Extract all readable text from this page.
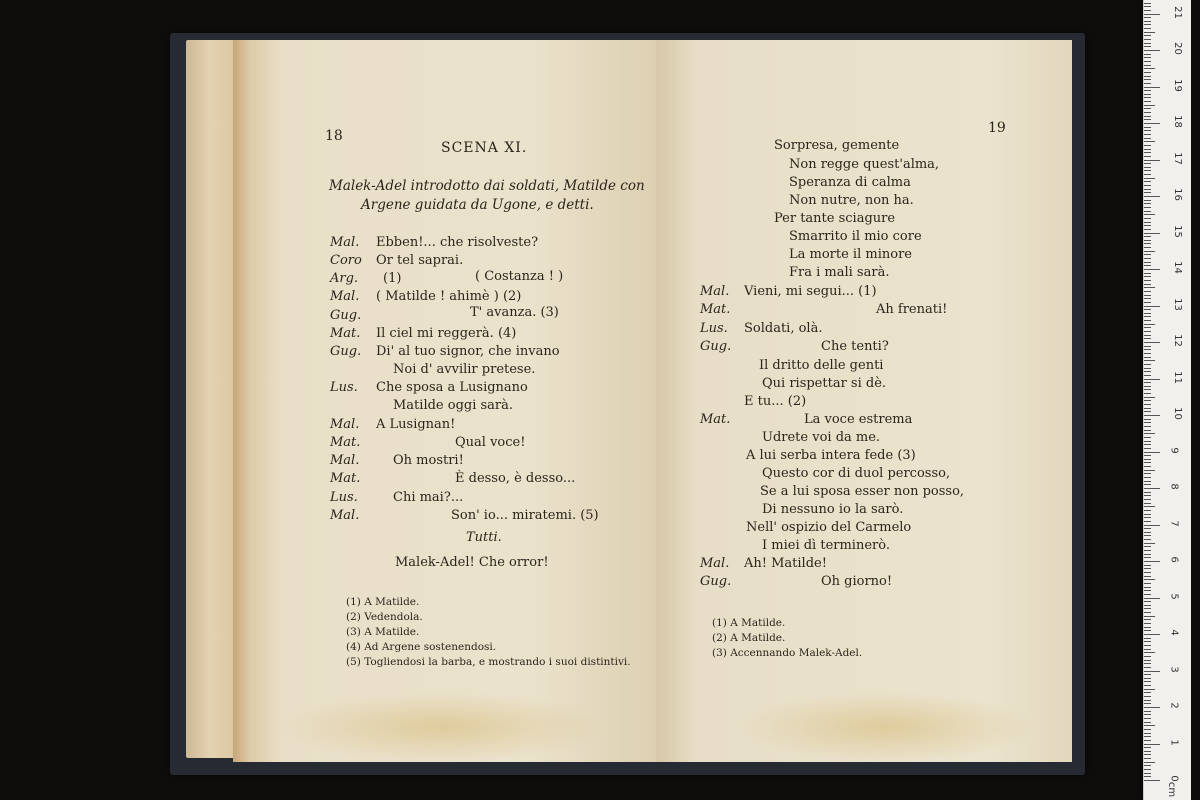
18
SCENA XI.
Malek-Adel introdotto dai soldati, Matilde con
Argene guidata da Ugone, e detti.
Mal. Ebben!... che risolveste?
Coro Or tel saprai.
Arg. (1)	( Costanza ! )
Mal. ( Matilde ! ahimè ) (2)
Gug.	T' avanza. (3)
Mat. Il ciel mi reggerà. (4)
Gug. Di' al tuo signor, che invano
Noi d' avvilir pretese.
Lus. Che sposa a Lusignano
Matilde oggi sarà.
Mal. A Lusignan!
Mat.	Qual voce!
Mal.	Oh mostri!
Mat.	È desso, è desso...
Lus.	Chi mai?...
Mal.	Son' io... miratemi. (5)
Tutti.
Malek-Adel! Che orror!
(1) A Matilde.
(2) Vedendola.
(3) A Matilde.
(4) Ad Argene sostenendosi.
(5) Togliendosi la barba, e mostrando i suoi distintivi.
19
Sorpresa, gemente
Non regge quest'alma,
Speranza di calma
Non nutre, non ha.
Per tante sciagure
Smarrito il mio core
La morte il minore
Fra i mali sarà.
Mal. Vieni, mi segui... (1)
Mat.	Ah frenati!
Lus. Soldati, olà.
Gug.	Che tenti?
Il dritto delle genti
Qui rispettar si dè.
E tu... (2)
Mat.	La voce estrema
Udrete voi da me.
A lui serba intera fede (3)
Questo cor di duol percosso,
Se a lui sposa esser non posso,
Di nessuno io la sarò.
Nell' ospizio del Carmelo
I miei dì terminerò.
Mal. Ah! Matilde!
Gug.	Oh giorno!
(1) A Matilde.
(2) A Matilde.
(3) Accennando Malek-Adel.
0
1
2
3
4
5
6
7
8
9
10
11
12
13
14
15
16
17
18
19
20
21
cm
